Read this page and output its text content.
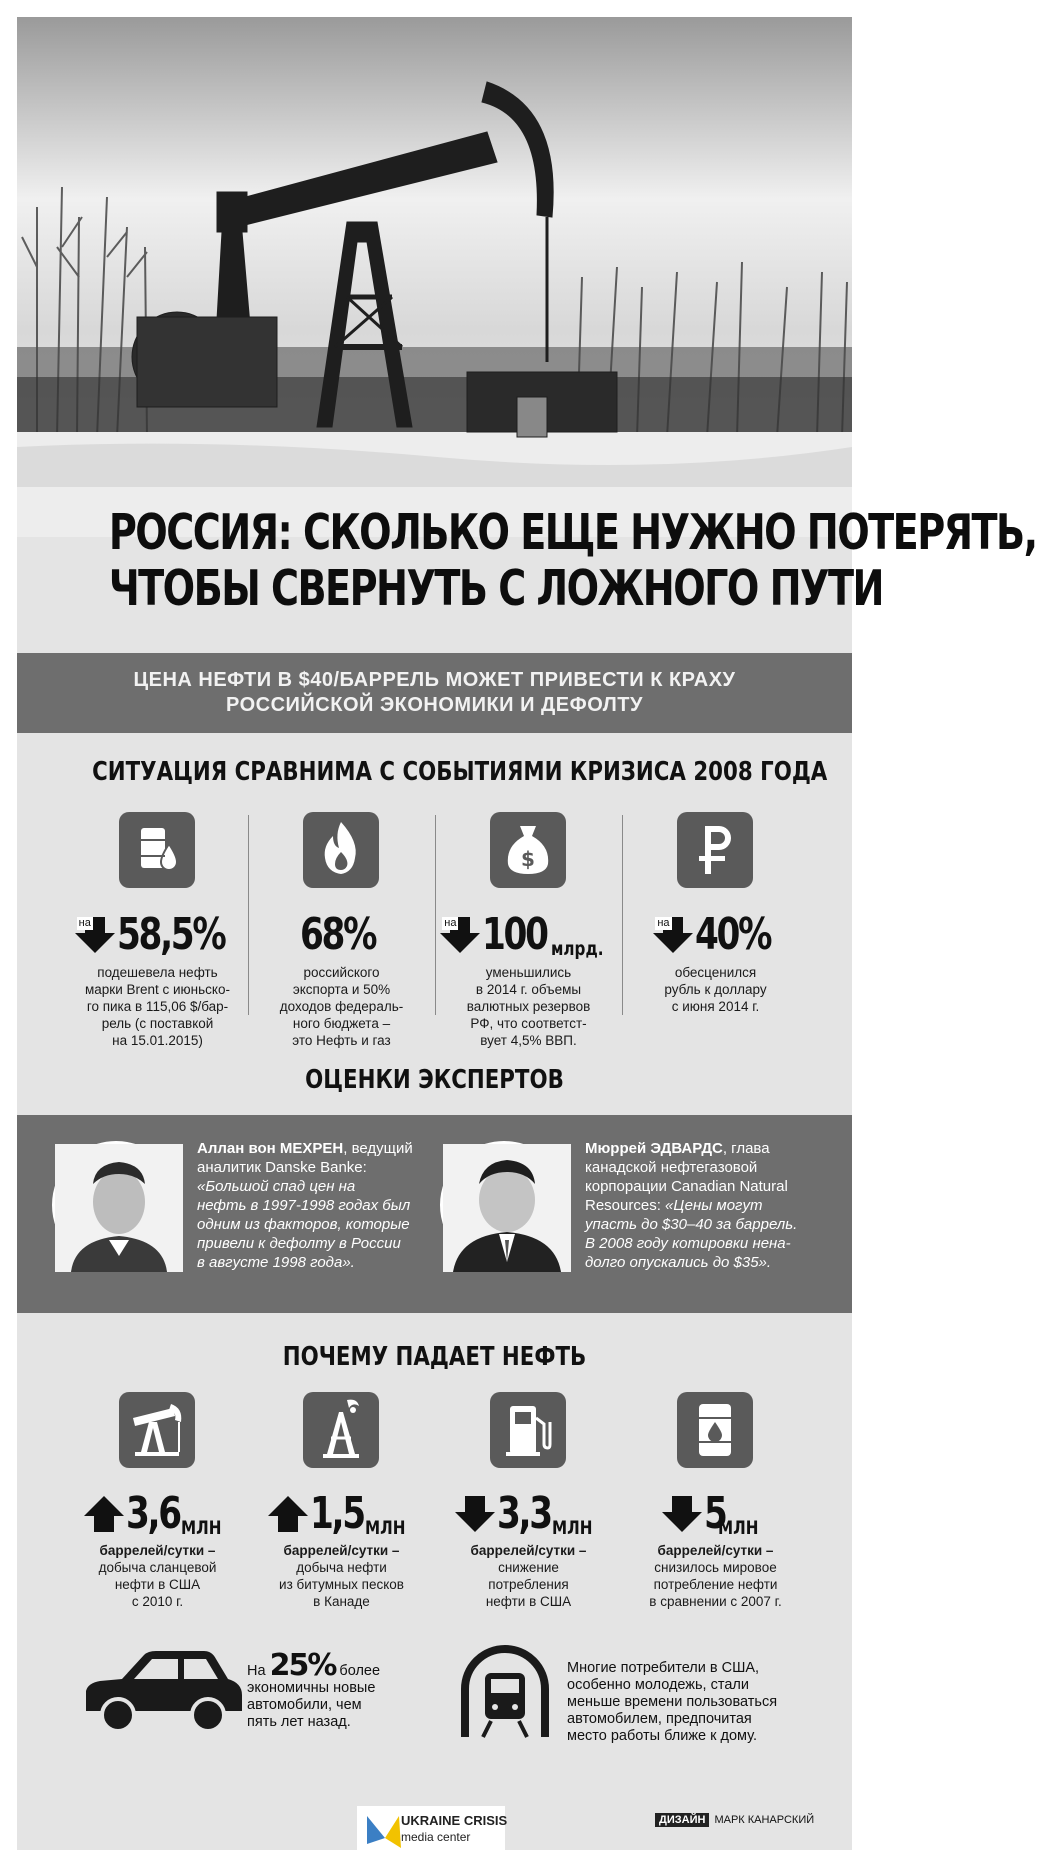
РОССИЯ: СКОЛЬКО ЕЩЕ НУЖНО ПОТЕРЯТЬ,
ЧТОБЫ СВЕРНУТЬ С ЛОЖНОГО ПУТИ
ЦЕНА НЕФТИ В $40/БАРРЕЛЬ МОЖЕТ ПРИВЕСТИ К КРАХУ
РОССИЙСКОЙ ЭКОНОМИКИ И ДЕФОЛТУ
СИТУАЦИЯ СРАВНИМА С СОБЫТИЯМИ КРИЗИСА 2008 ГОДА
на 58,5%
подешевела нефть
марки Brent с июньско-
го пика в 115,06 $/бар-
рель (с поставкой
на 15.01.2015)
68%
российского
экспорта и 50%
доходов федераль-
ного бюджета –
это Нефть и газ
$
на 100 млрд.
уменьшились
в 2014 г. объемы
валютных резервов
РФ, что соответст-
вует 4,5% ВВП.
на 40%
обесценился
рубль к доллару
с июня 2014 г.
ОЦЕНКИ ЭКСПЕРТОВ
Аллан вон МЕХРЕН, ведущий
аналитик Danske Banke:
«Большой спад цен на
нефть в 1997-1998 годах был
одним из факторов, которые
привели к дефолту в России
в августе 1998 года».
Мюррей ЭДВАРДС, глава
канадской нефтегазовой
корпорации Canadian Natural
Resources: «Цены могут
упасть до $30–40 за баррель.
В 2008 году котировки нена-
долго опускались до $35».
ПОЧЕМУ ПАДАЕТ НЕФТЬ
3,6МЛН
баррелей/сутки –
добыча сланцевой
нефти в США
с 2010 г.
1,5МЛН
баррелей/сутки –
добыча нефти
из битумных песков
в Канаде
3,3МЛН
баррелей/сутки –
снижение
потребления
нефти в США
5МЛН
баррелей/сутки –
снизилось мировое
потребление нефти
в сравнении с 2007 г.
На 25% более
экономичны новые
автомобили, чем
пять лет назад.
Многие потребители в США,
особенно молодежь, стали
меньше времени пользоваться
автомобилем, предпочитая
место работы ближе к дому.
UKRAINE CRISIS
media center
ДИЗАЙН МАРК КАНАРСКИЙ
